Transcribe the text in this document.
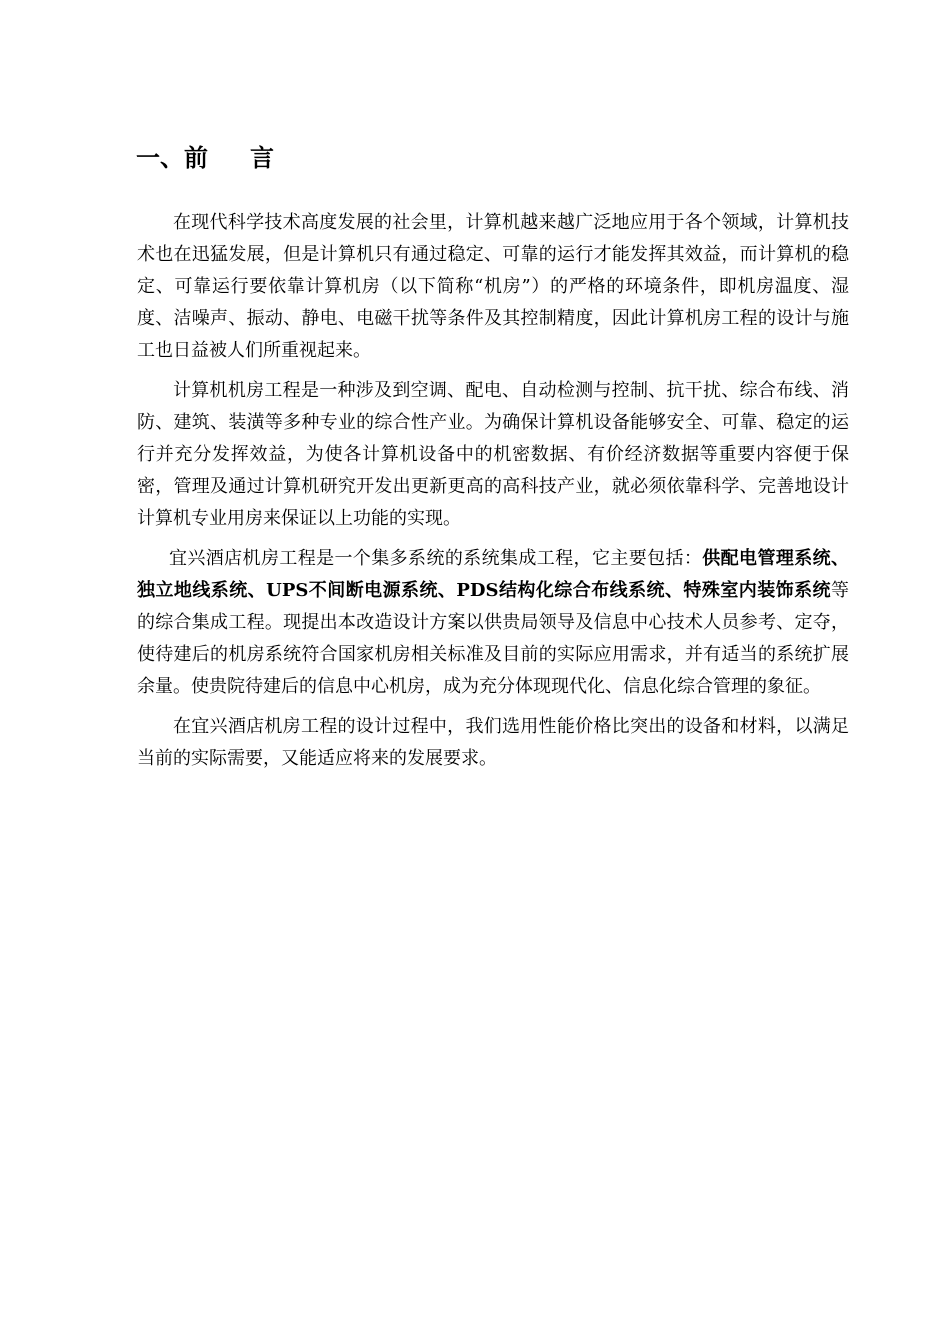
一、前 言

在现代科学技术高度发展的社会里，计算机越来越广泛地应用于各个领域，计算机技术也在迅猛发展，但是计算机只有通过稳定、可靠的运行才能发挥其效益，而计算机的稳定、可靠运行要依靠计算机房（以下简称“机房”）的严格的环境条件，即机房温度、湿度、洁噪声、振动、静电、电磁干扰等条件及其控制精度，因此计算机房工程的设计与施工也日益被人们所重视起来。

计算机机房工程是一种涉及到空调、配电、自动检测与控制、抗干扰、综合布线、消防、建筑、装潢等多种专业的综合性产业。为确保计算机设备能够安全、可靠、稳定的运行并充分发挥效益，为使各计算机设备中的机密数据、有价经济数据等重要内容便于保密，管理及通过计算机研究开发出更新更高的高科技产业，就必须依靠科学、完善地设计计算机专业用房来保证以上功能的实现。

宜兴酒店机房工程是一个集多系统的系统集成工程，它主要包括：供配电管理系统、独立地线系统、UPS不间断电源系统、PDS结构化综合布线系统、特殊室内装饰系统等的综合集成工程。现提出本改造设计方案以供贵局领导及信息中心技术人员参考、定夺，使待建后的机房系统符合国家机房相关标准及目前的实际应用需求，并有适当的系统扩展余量。使贵院待建后的信息中心机房，成为充分体现现代化、信息化综合管理的象征。

在宜兴酒店机房工程的设计过程中，我们选用性能价格比突出的设备和材料，以满足当前的实际需要，又能适应将来的发展要求。
